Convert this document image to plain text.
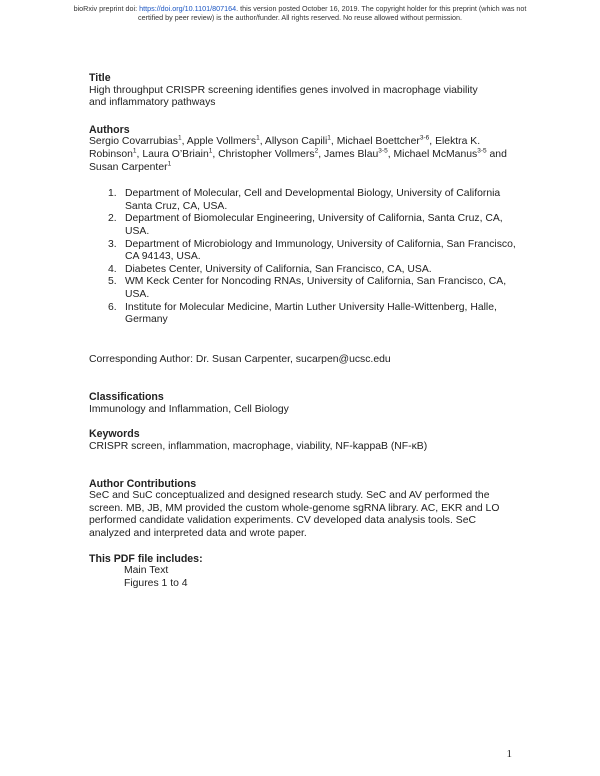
bioRxiv preprint doi: https://doi.org/10.1101/807164. this version posted October 16, 2019. The copyright holder for this preprint (which was not
certified by peer review) is the author/funder. All rights reserved. No reuse allowed without permission.

Title

High throughput CRISPR screening identifies genes involved in macrophage viability

and inflammatory pathways

Authors

Sergio Covarrubias$^1$, Apple Vollmers$^1$, Allyson Capili$^1$, Michael Boettcher$^{3-6}$, Elektra K. Robinson$^1$, Laura O’Briain$^1$, Christopher Vollmers$^2$, James Blau$^{3-5}$, Michael McManus$^{3-5}$ and Susan Carpenter$^1$

1. Department of Molecular, Cell and Developmental Biology, University of California Santa Cruz, CA, USA.
2. Department of Biomolecular Engineering, University of California, Santa Cruz, CA, USA.
3. Department of Microbiology and Immunology, University of California, San Francisco, CA 94143, USA.
4. Diabetes Center, University of California, San Francisco, CA, USA.
5. WM Keck Center for Noncoding RNAs, University of California, San Francisco, CA, USA.
6. Institute for Molecular Medicine, Martin Luther University Halle-Wittenberg, Halle, Germany

Corresponding Author: Dr. Susan Carpenter, sucarpen@ucsc.edu

Classifications

Immunology and Inflammation, Cell Biology

Keywords

CRISPR screen, inflammation, macrophage, viability, NF-kappaB (NF-κB)

Author Contributions

SeC and SuC conceptualized and designed research study. SeC and AV performed the screen. MB, JB, MM provided the custom whole-genome sgRNA library. AC, EKR and LO performed candidate validation experiments. CV developed data analysis tools. SeC analyzed and interpreted data and wrote paper.

This PDF file includes:

Main Text

Figures 1 to 4

1
